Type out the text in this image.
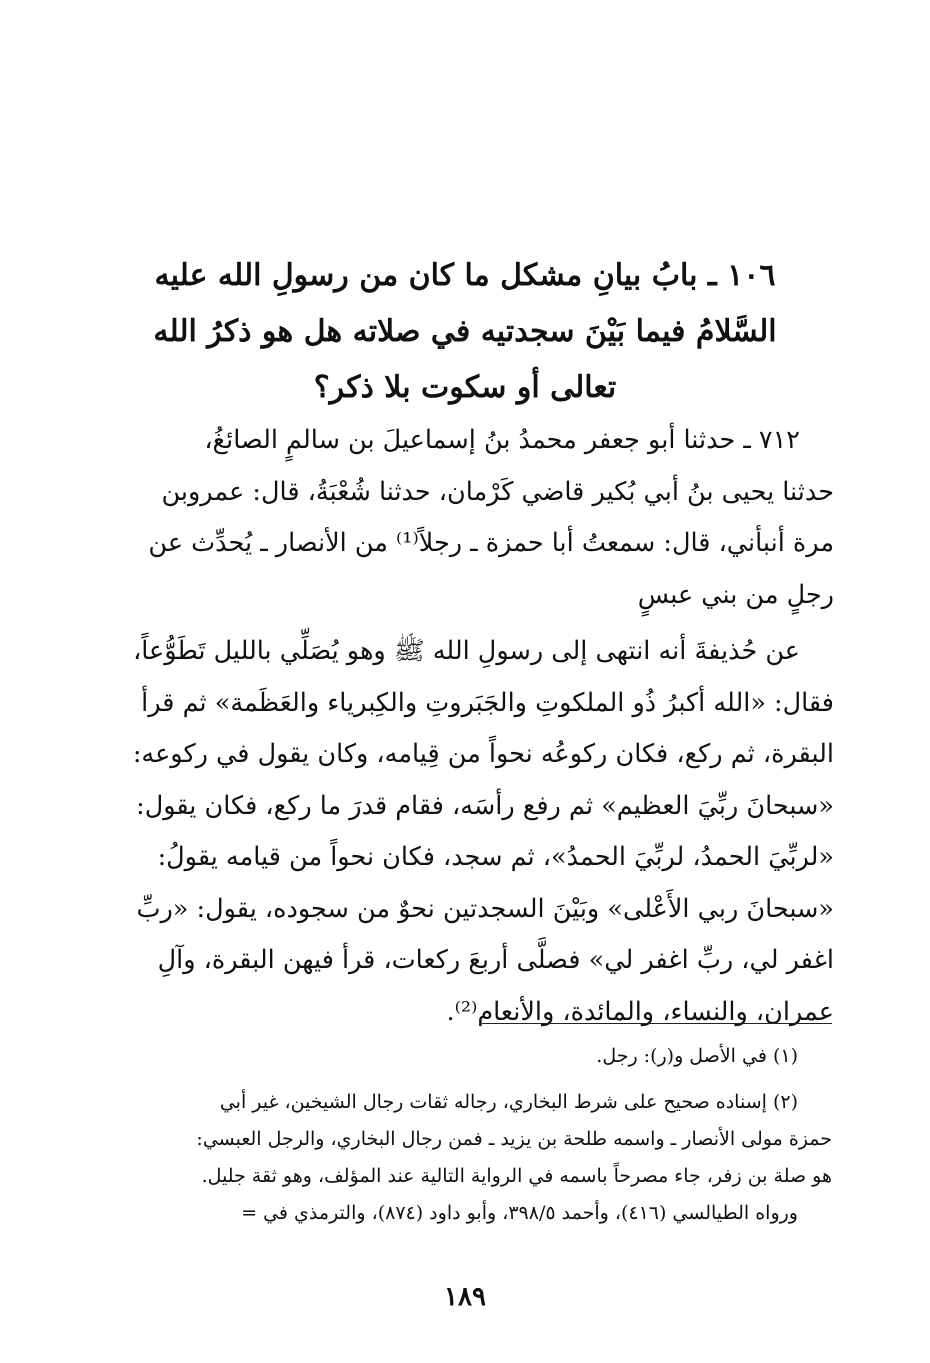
١٠٦ ـ بابُ بيانِ مشكل ما كان من رسولِ الله عليه
السَّلامُ فيما بَيْنَ سجدتيه في صلاته هل هو ذكرُ الله
تعالى أو سكوت بلا ذكر؟
٧١٢ ـ حدثنا أبو جعفر محمدُ بنُ إسماعيلَ بن سالمٍ الصائغُ،
حدثنا يحيى بنُ أبي بُكير قاضي كَرْمان، حدثنا شُعْبَةُ، قال: عمروبن
مرة أنبأني، قال: سمعتُ أبا حمزة ـ رجلاً⁽¹⁾ من الأنصار ـ يُحدِّث عن
رجلٍ من بني عبسٍ
عن حُذيفةَ أنه انتهى إلى رسولِ الله ﷺ وهو يُصَلِّي بالليل تَطَوُّعاً،
فقال: «الله أكبرُ ذُو الملكوتِ والجَبَروتِ والكِبرياء والعَظَمة» ثم قرأ
البقرة، ثم ركع، فكان ركوعُه نحواً من قِيامه، وكان يقول في ركوعه:
«سبحانَ ربِّيَ العظيم» ثم رفع رأسَه، فقام قدرَ ما ركع، فكان يقول:
«لربِّيَ الحمدُ، لربِّيَ الحمدُ»، ثم سجد، فكان نحواً من قيامه يقولُ:
«سبحانَ ربي الأَعْلى» وبَيْنَ السجدتين نحوٌ من سجوده، يقول: «ربِّ
اغفر لي، ربِّ اغفر لي» فصلَّى أربعَ ركعات، قرأ فيهن البقرة، وآلِ
عمران، والنساء، والمائدة، والأنعام⁽²⁾.
(١) في الأصل و(ر): رجل.
(٢) إسناده صحيح على شرط البخاري، رجاله ثقات رجال الشيخين، غير أبي
حمزة مولى الأنصار ـ واسمه طلحة بن يزيد ـ فمن رجال البخاري، والرجل العبسي:
هو صلة بن زفر، جاء مصرحاً باسمه في الرواية التالية عند المؤلف، وهو ثقة جليل.
ورواه الطيالسي (٤١٦)، وأحمد ٣٩٨/٥، وأبو داود (٨٧٤)، والترمذي في =
١٨٩
